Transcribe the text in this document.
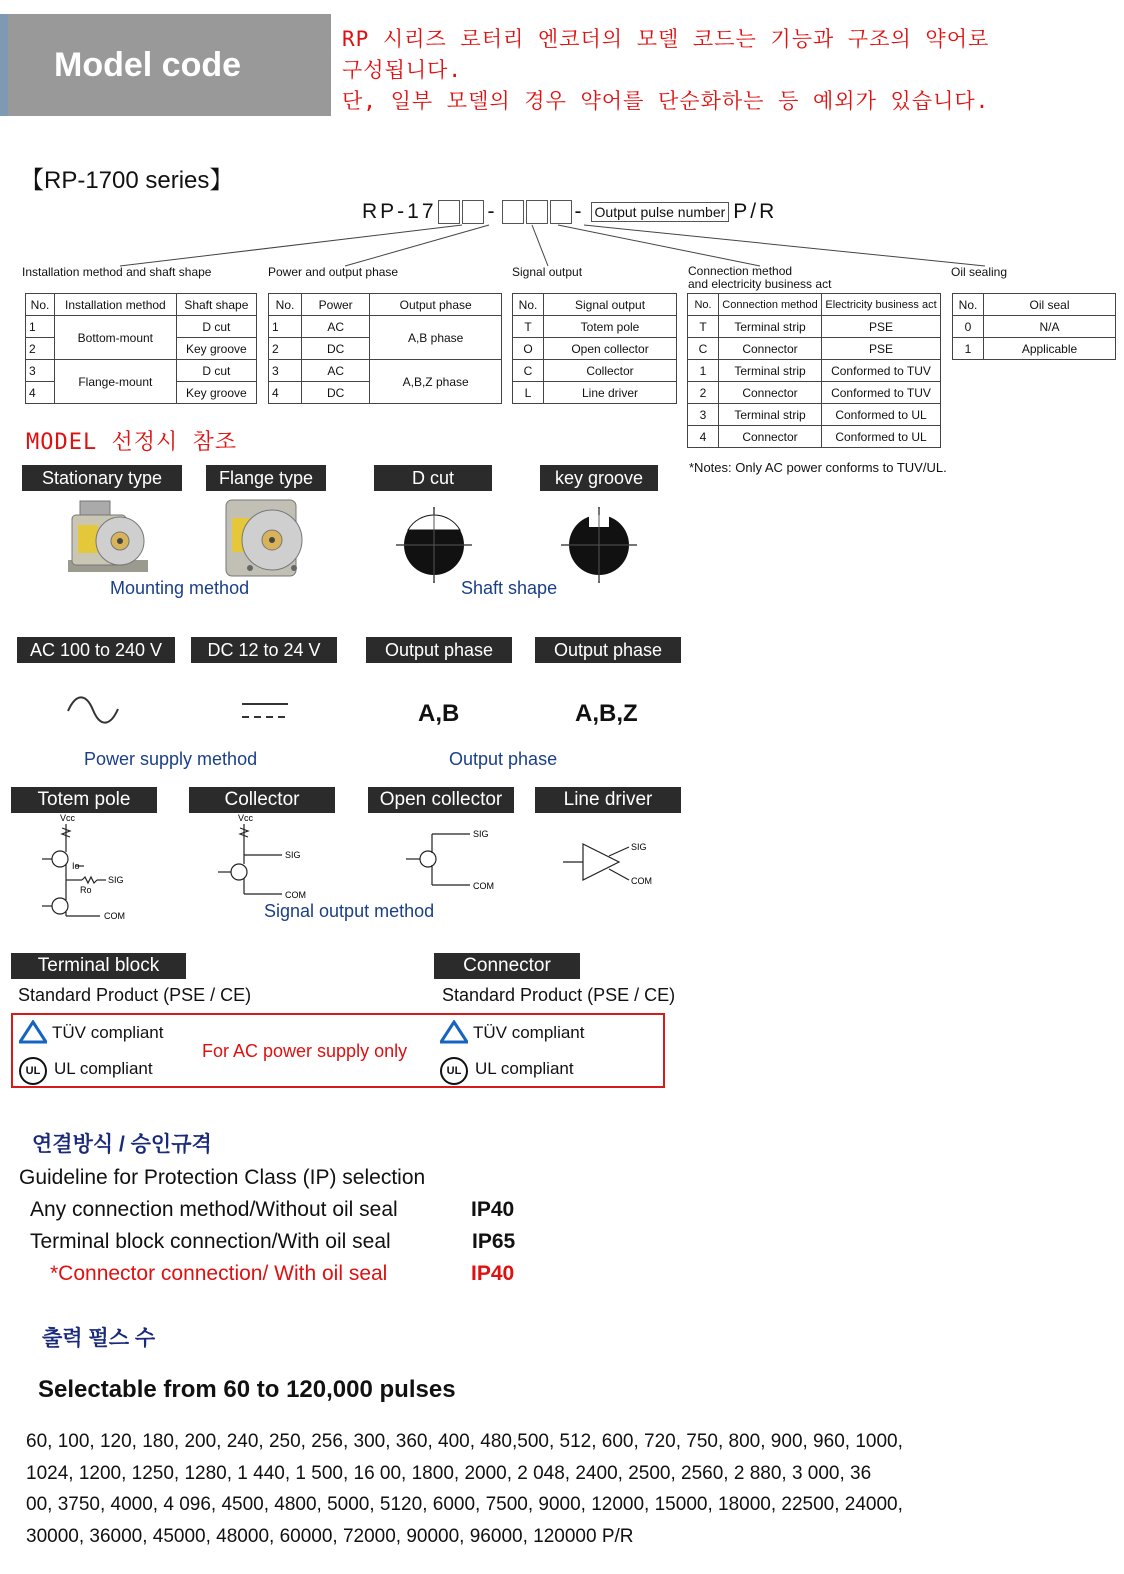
Model code
RP 시리즈 로터리 엔코더의 모델 코드는 기능과 구조의 약어로
구성됩니다.
단, 일부 모델의 경우 약어를 단순화하는 등 예외가 있습니다.
【RP-1700 series】
RP-17 -	- Output pulse number P/R
Installation method and shaft shape	Power and output phase	Signal output	Connection method
and electricity business act
Oil sealing
No.	Installation method	Shaft shape
1	Bottom-mount	D cut
2		Key groove
3	Flange-mount	D cut
4		Key groove
No.	Power	Output phase
1	AC	A,B phase
2	DC	
3	AC	A,B,Z phase
4	DC	
No.	Signal output
T	Totem pole
O	Open collector
C	Collector
L	Line driver
No.	Connection method	Electricity business act
T	Terminal strip	PSE
C	Connector	PSE
1	Terminal strip	Conformed to TUV
2	Connector	Conformed to TUV
3	Terminal strip	Conformed to UL
4	Connector	Conformed to UL
No.	Oil seal
0	N/A
1	Applicable
*Notes: Only AC power conforms to TUV/UL.
MODEL 선정시 참조
Stationary type	Flange type	D cut	key groove
Mounting method	Shaft shape
AC 100 to 240 V	DC 12 to 24 V	Output phase	Output phase
A,B	A,B,Z
Power supply method	Output phase
Totem pole	Collector	Open collector	Line driver
Vcc
Io
Ro
SIG
COM
Vcc
SIG
COM
SIG
COM
SIG
COM
Signal output method
Terminal block	Connector
Standard Product (PSE / CE)	Standard Product (PSE / CE)
TÜV compliant
UL UL compliant
For AC power supply only
TÜV compliant
UL UL compliant
연결방식 / 승인규격
Guideline for Protection Class (IP) selection
Any connection method/Without oil seal	IP40
Terminal block connection/With oil seal	IP65
*Connector connection/ With oil seal	IP40
출력 펄스 수
Selectable from 60 to 120,000 pulses
60, 100, 120, 180, 200, 240, 250, 256, 300, 360, 400, 480,500, 512, 600, 720, 750, 800, 900, 960, 1000,
1024, 1200, 1250, 1280, 1 440, 1 500, 16 00, 1800, 2000, 2 048, 2400, 2500, 2560, 2 880, 3 000, 36
00, 3750, 4000, 4 096, 4500, 4800, 5000, 5120, 6000, 7500, 9000, 12000, 15000, 18000, 22500, 24000,
30000, 36000, 45000, 48000, 60000, 72000, 90000, 96000, 120000 P/R
